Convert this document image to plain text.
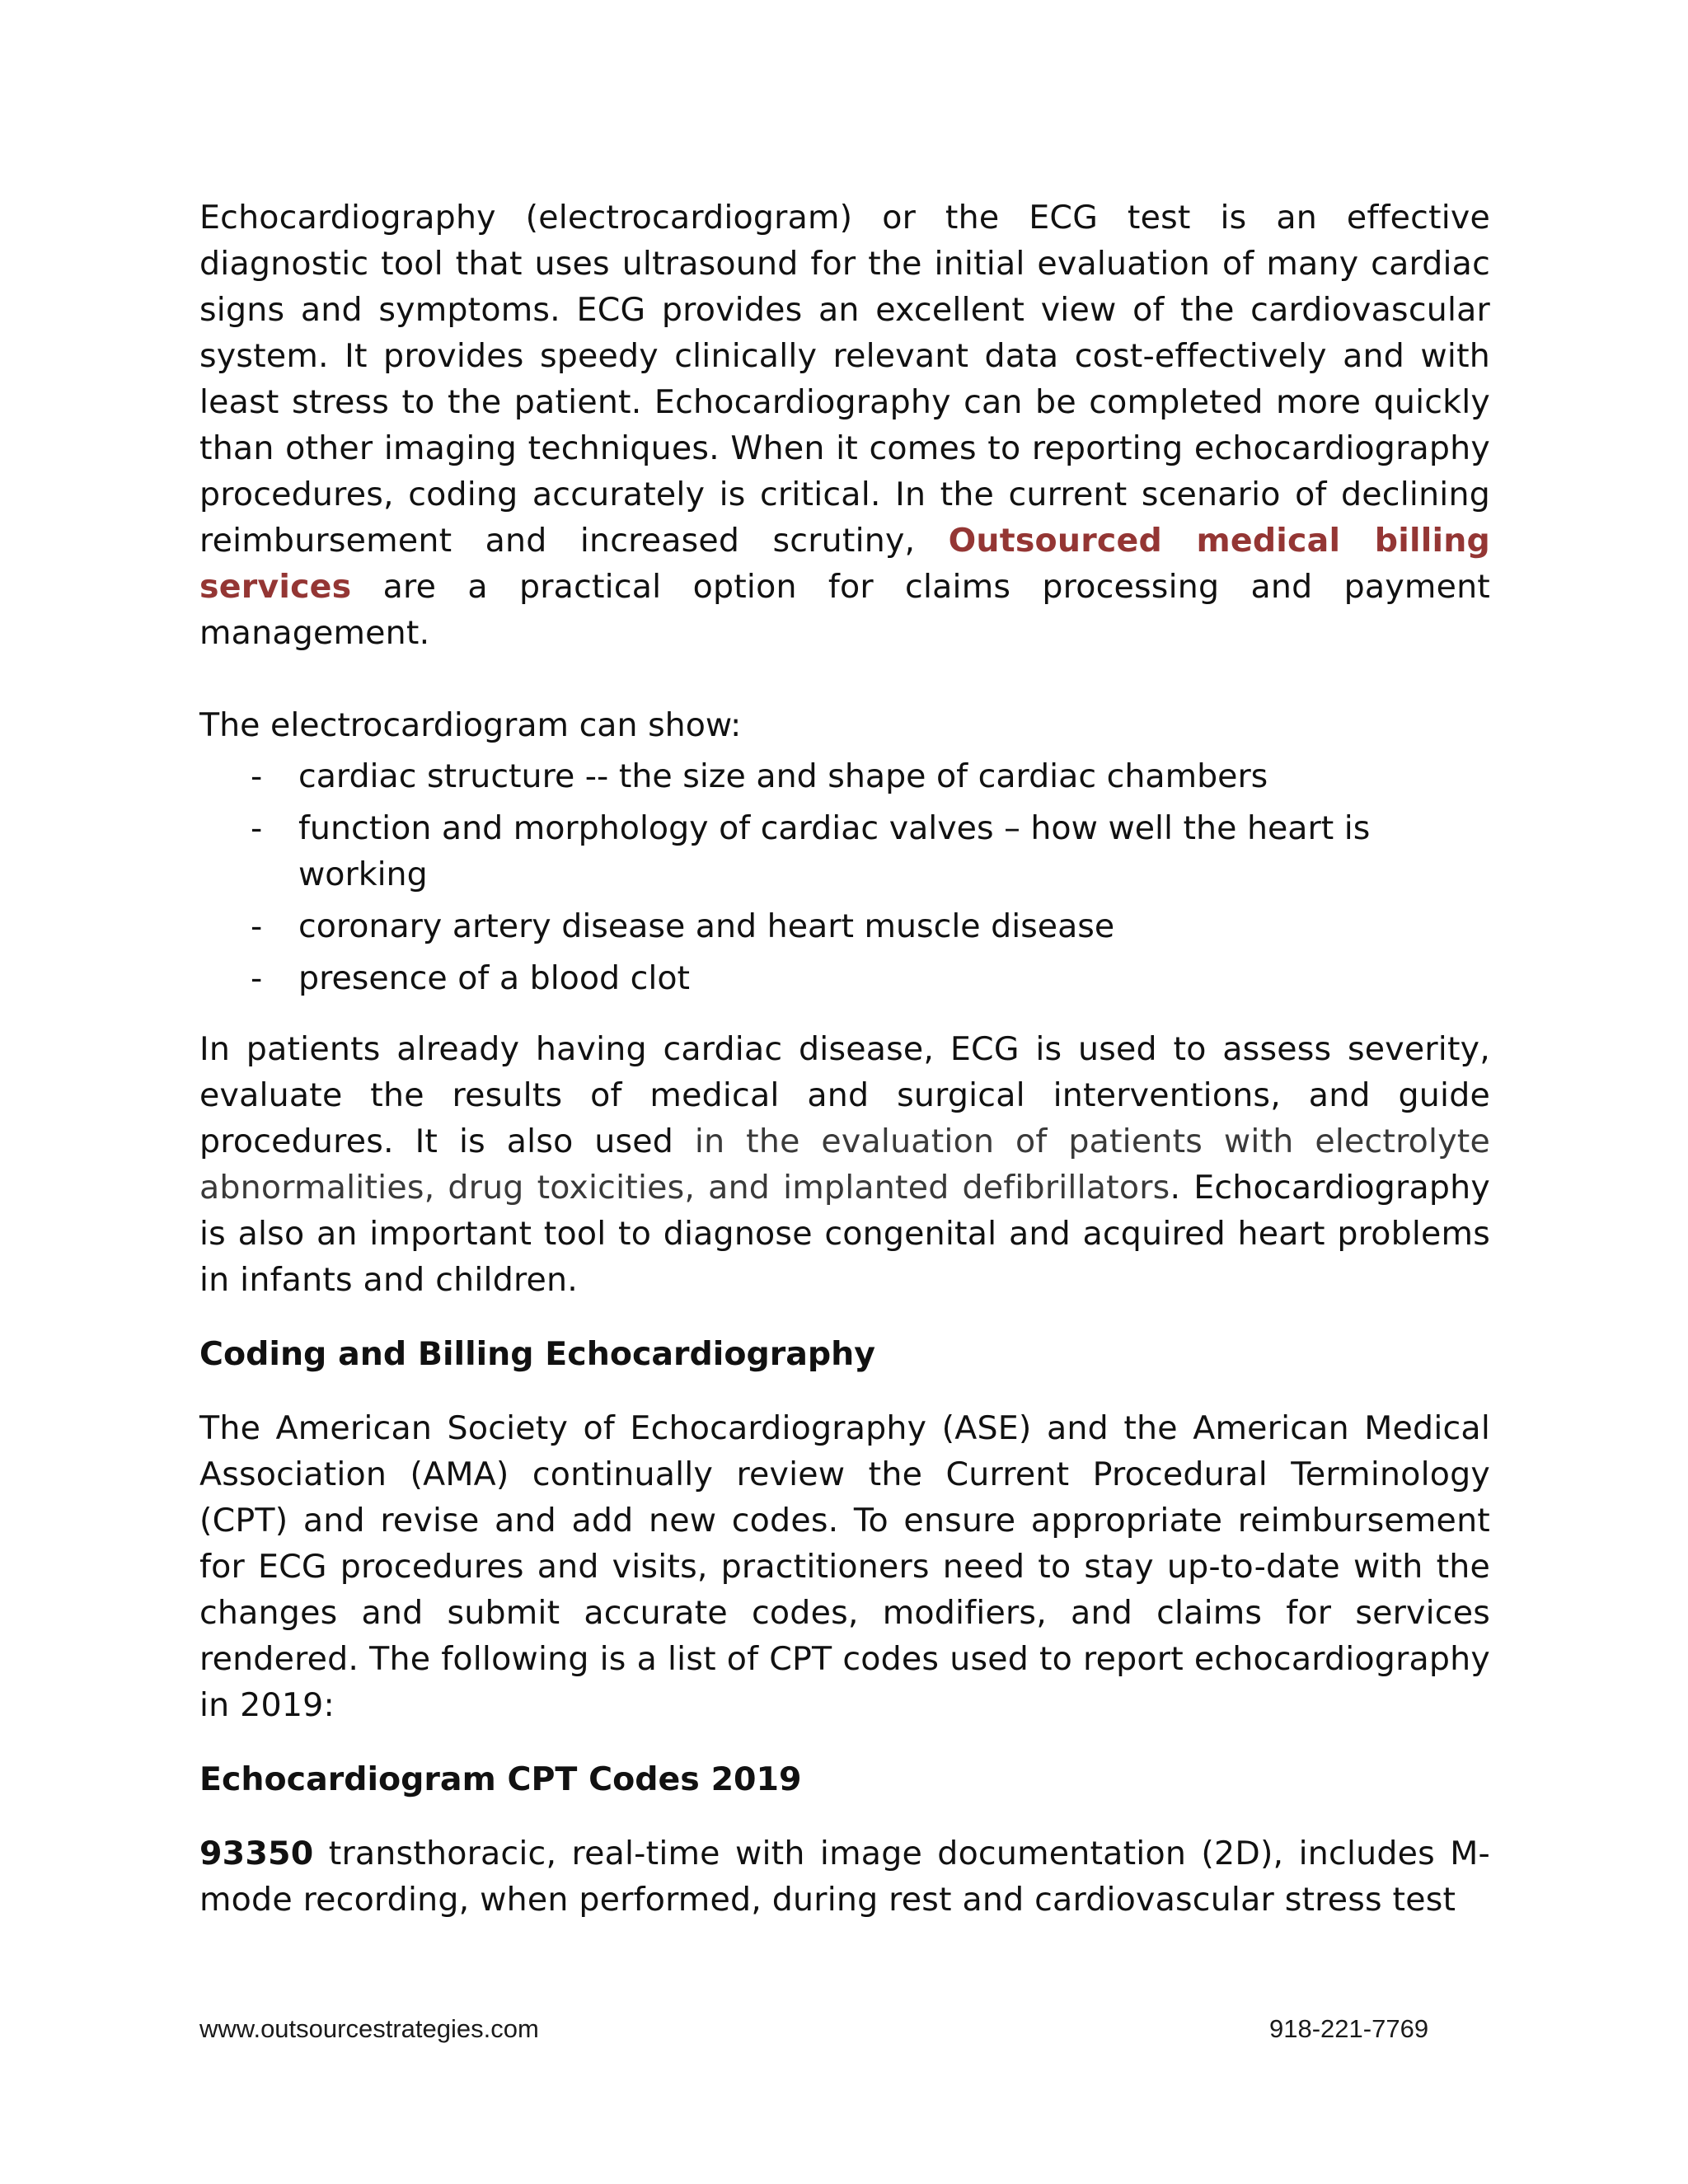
Echocardiography (electrocardiogram) or the ECG test is an effective diagnostic tool that uses ultrasound for the initial evaluation of many cardiac signs and symptoms. ECG provides an excellent view of the cardiovascular system. It provides speedy clinically relevant data cost-effectively and with least stress to the patient. Echocardiography can be completed more quickly than other imaging techniques. When it comes to reporting echocardiography procedures, coding accurately is critical. In the current scenario of declining reimbursement and increased scrutiny, Outsourced medical billing services are a practical option for claims processing and payment management.

The electrocardiogram can show:

- cardiac structure -- the size and shape of cardiac chambers
- function and morphology of cardiac valves – how well the heart is working
- coronary artery disease and heart muscle disease
- presence of a blood clot

In patients already having cardiac disease, ECG is used to assess severity, evaluate the results of medical and surgical interventions, and guide procedures. It is also used in the evaluation of patients with electrolyte abnormalities, drug toxicities, and implanted defibrillators. Echocardiography is also an important tool to diagnose congenital and acquired heart problems in infants and children.

Coding and Billing Echocardiography

The American Society of Echocardiography (ASE) and the American Medical Association (AMA) continually review the Current Procedural Terminology (CPT) and revise and add new codes. To ensure appropriate reimbursement for ECG procedures and visits, practitioners need to stay up-to-date with the changes and submit accurate codes, modifiers, and claims for services rendered. The following is a list of CPT codes used to report echocardiography in 2019:

Echocardiogram CPT Codes 2019

93350 transthoracic, real-time with image documentation (2D), includes M-mode recording, when performed, during rest and cardiovascular stress test

www.outsourcestrategies.com	918-221-7769
